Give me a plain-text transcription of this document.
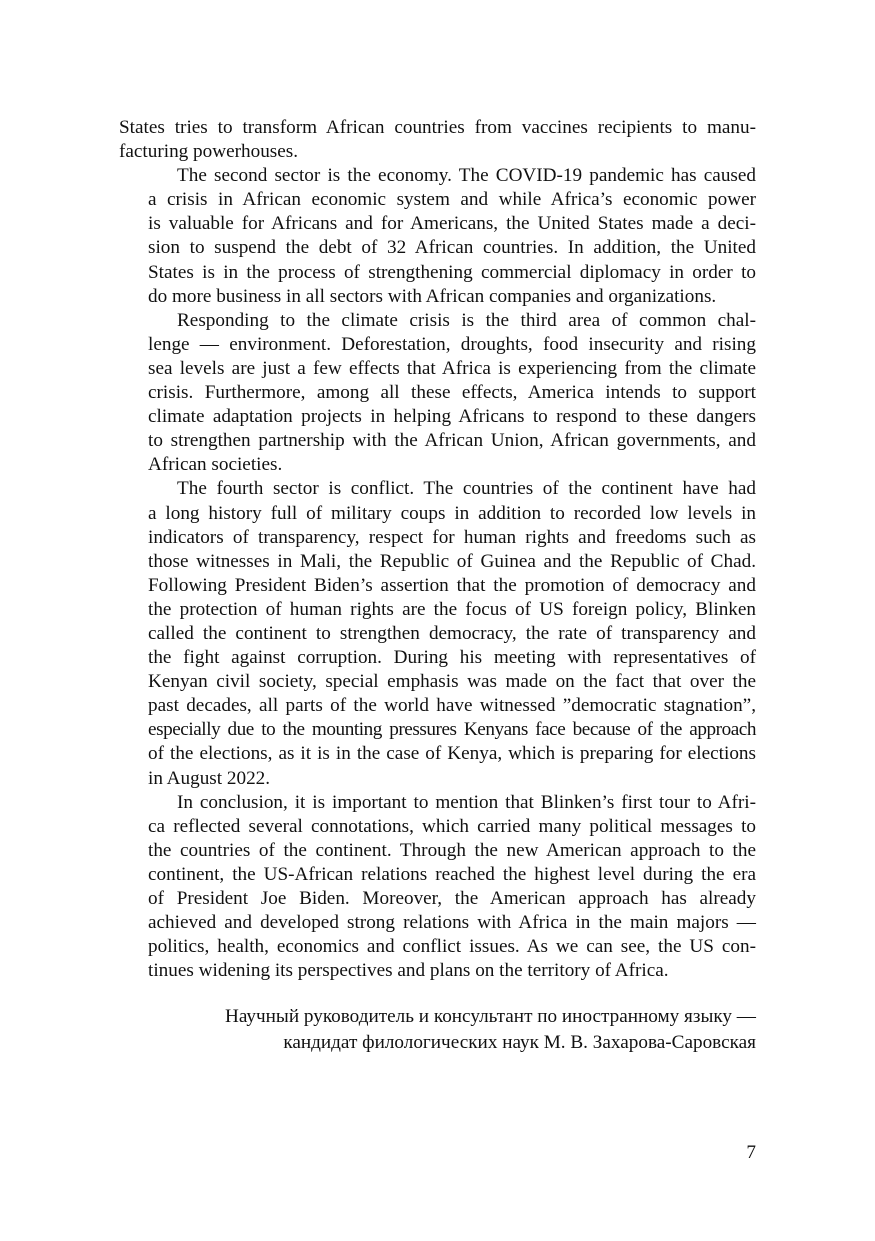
States tries to transform African countries from vaccines recipients to manu-
facturing powerhouses.

The second sector is the economy. The COVID-19 pandemic has caused
a crisis in African economic system and while Africa’s economic power
is valuable for Africans and for Americans, the United States made a deci-
sion to suspend the debt of 32 African countries. In addition, the United
States is in the process of strengthening commercial diplomacy in order to
do more business in all sectors with African companies and organizations.

Responding to the climate crisis is the third area of common chal-
lenge — environment. Deforestation, droughts, food insecurity and rising
sea levels are just a few effects that Africa is experiencing from the climate
crisis. Furthermore, among all these effects, America intends to support
climate adaptation projects in helping Africans to respond to these dangers
to strengthen partnership with the African Union, African governments, and
African societies.

The fourth sector is conflict. The countries of the continent have had
a long history full of military coups in addition to recorded low levels in
indicators of transparency, respect for human rights and freedoms such as
those witnesses in Mali, the Republic of Guinea and the Republic of Chad.
Following President Biden’s assertion that the promotion of democracy and
the protection of human rights are the focus of US foreign policy, Blinken
called the continent to strengthen democracy, the rate of transparency and
the fight against corruption. During his meeting with representatives of
Kenyan civil society, special emphasis was made on the fact that over the
past decades, all parts of the world have witnessed ”democratic stagnation”,
especially due to the mounting pressures Kenyans face because of the approach
of the elections, as it is in the case of Kenya, which is preparing for elections
in August 2022.

In conclusion, it is important to mention that Blinken’s first tour to Afri-
ca reflected several connotations, which carried many political messages to
the countries of the continent. Through the new American approach to the
continent, the US-African relations reached the highest level during the era
of President Joe Biden. Moreover, the American approach has already
achieved and developed strong relations with Africa in the main majors —
politics, health, economics and conflict issues. As we can see, the US con-
tinues widening its perspectives and plans on the territory of Africa.

Научный руководитель и консультант по иностранному языку —
кандидат филологических наук М. В. Захарова-Саровская
7
